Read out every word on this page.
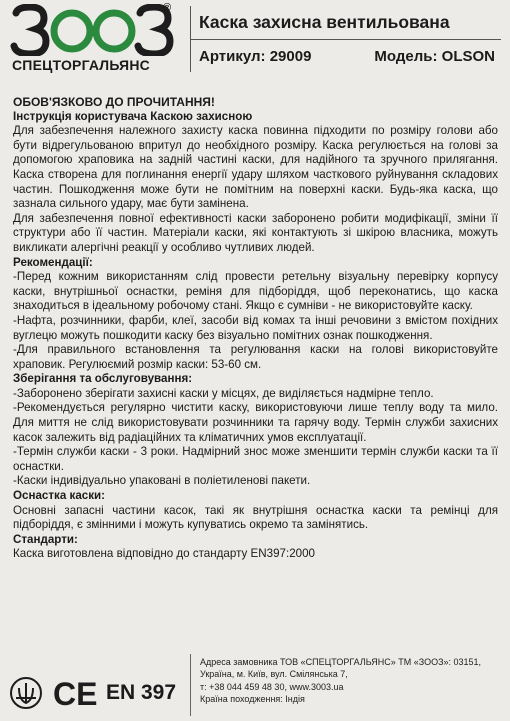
®
СПЕЦТОРГАЛЬЯНС
Каска захисна вентильована
Артикул: 29009	Модель: OLSON

ОБОВ'ЯЗКОВО ДО ПРОЧИТАННЯ!

Інструкція користувача Каскою захисною

Для забезпечення належного захисту каска повинна підходити по розміру голови або бути відрегульованою впритул до необхідного розміру. Каска регулюється на голові за допомогою храповика на задній частині каски, для надійного та зручного прилягання. Каска створена для поглинання енергії удару шляхом часткового руйнування складових частин. Пошкодження може бути не помітним на поверхні каски. Будь-яка каска, що зазнала сильного удару, має бути замінена.

Для забезпечення повної ефективності каски заборонено робити модифікації, зміни її структури або її частин. Матеріали каски, які контактують зі шкірою власника, можуть викликати алергічні реакції у особливо чутливих людей.

Рекомендації:

-Перед кожним використанням слід провести ретельну візуальну перевірку корпусу каски, внутрішньої оснастки, реміня для підборіддя, щоб переконатись, що каска знаходиться в ідеальному робочому стані. Якщо є сумніви - не використовуйте каску.

-Нафта, розчинники, фарби, клеї, засоби від комах та інші речовини з вмістом похідних вуглецю можуть пошкодити каску без візуально помітних ознак пошкодження.

-Для правильного встановлення та регулювання каски на голові використовуйте храповик. Регулюємий розмір каски: 53-60 см.

Зберігання та обслуговування:

-Заборонено зберігати захисні каски у місцях, де виділяється надмірне тепло.

-Рекомендується регулярно чистити каску, використовуючи лише теплу воду та мило. Для миття не слід використовувати розчинники та гарячу воду. Термін служби захисних касок залежить від радіаційних та кліматичних умов експлуатації.

-Термін служби каски - 3 роки. Надмірний знос може зменшити термін служби каски та її оснастки.

-Каски індивідуально упаковані в поліетиленові пакети.

Оснастка каски:

Основні запасні частини касок, такі як внутрішня оснастка каски та ремінці для підборіддя, є змінними і можуть купуватись окремо та замінятись.

Стандарти:

Каска виготовлена відповідно до стандарту EN397:2000

CE EN 397
Адреса замовника ТОВ «СПЕЦТОРГАЛЬЯНС» ТМ «ЗООЗ»: 03151,
Україна, м. Київ, вул. Смілянська 7,
т: +38 044 459 48 30, www.3003.ua
Країна походження: Індія
